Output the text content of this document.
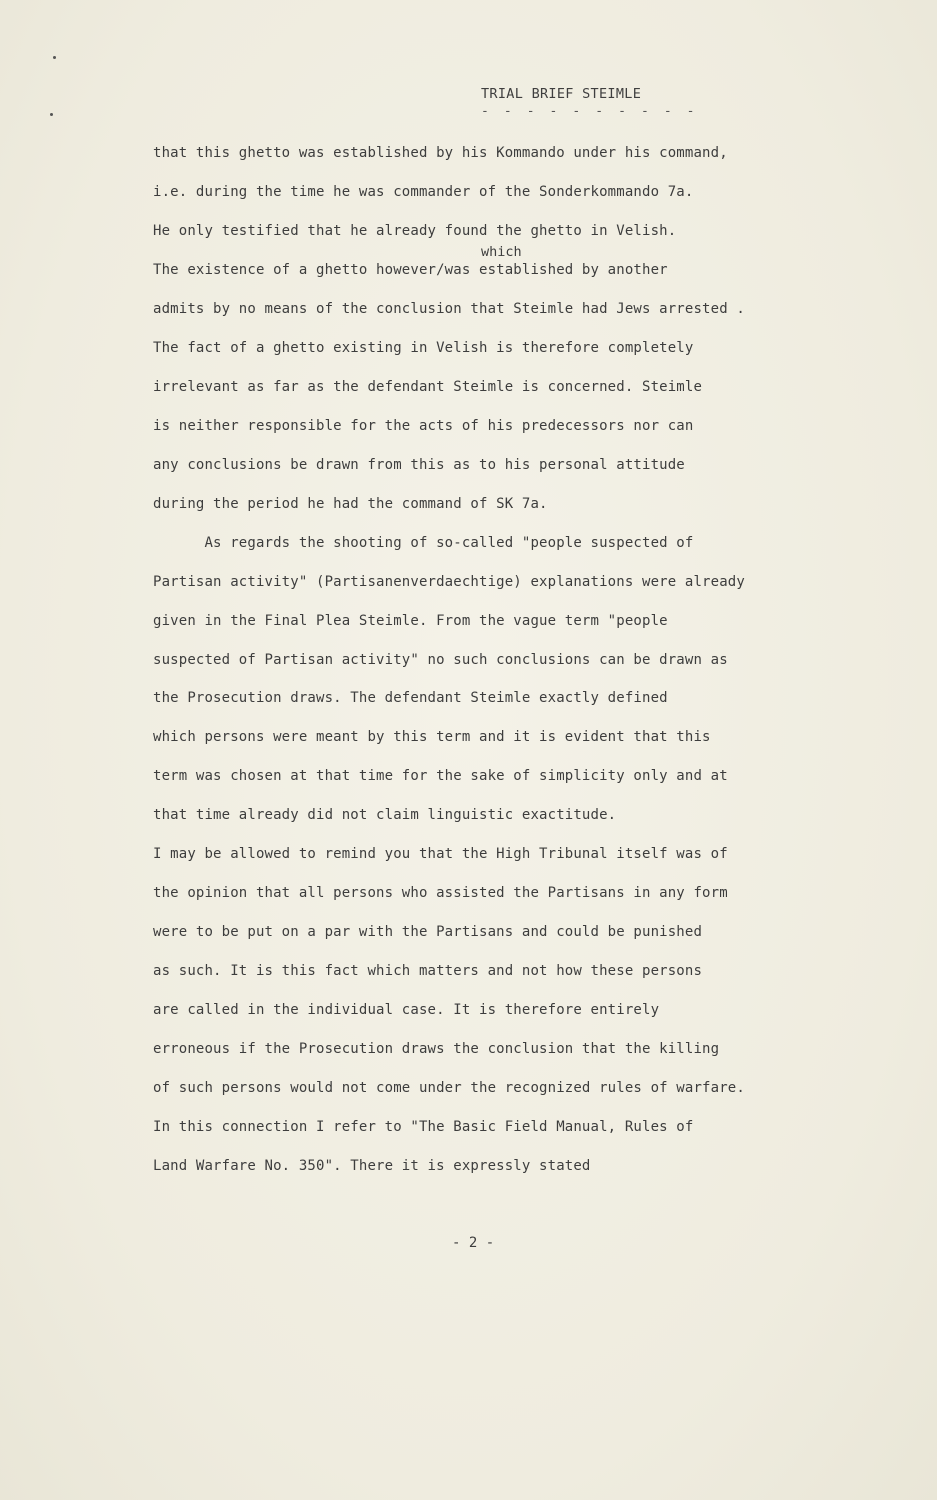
TRIAL BRIEF STEIMLE
- - - - - - - - - -
which
that this ghetto was established by his Kommando under his command,
i.e. during the time he was commander of the Sonderkommando 7a.
He only testified that he already found the ghetto in Velish.
The existence of a ghetto however/was established by another
admits by no means of the conclusion that Steimle had Jews arrested .
The fact of a ghetto existing in Velish is therefore completely
irrelevant as far as the defendant Steimle is concerned. Steimle
is neither responsible for the acts of his predecessors nor can
any conclusions be drawn from this as to his personal attitude
during the period he had the command of SK 7a.
As regards the shooting of so-called "people suspected of
Partisan activity" (Partisanenverdaechtige) explanations were already
given in the Final Plea Steimle. From the vague term "people
suspected of Partisan activity" no such conclusions can be drawn as
the Prosecution draws. The defendant Steimle exactly defined
which persons were meant by this term and it is evident that this
term was chosen at that time for the sake of simplicity only and at
that time already did not claim linguistic exactitude.
I may be allowed to remind you that the High Tribunal itself was of
the opinion that all persons who assisted the Partisans in any form
were to be put on a par with the Partisans and could be punished
as such. It is this fact which matters and not how these persons
are called in the individual case. It is therefore entirely
erroneous if the Prosecution draws the conclusion that the killing
of such persons would not come under the recognized rules of warfare.
In this connection I refer to "The Basic Field Manual, Rules of
Land Warfare No. 350". There it is expressly stated
- 2 -
